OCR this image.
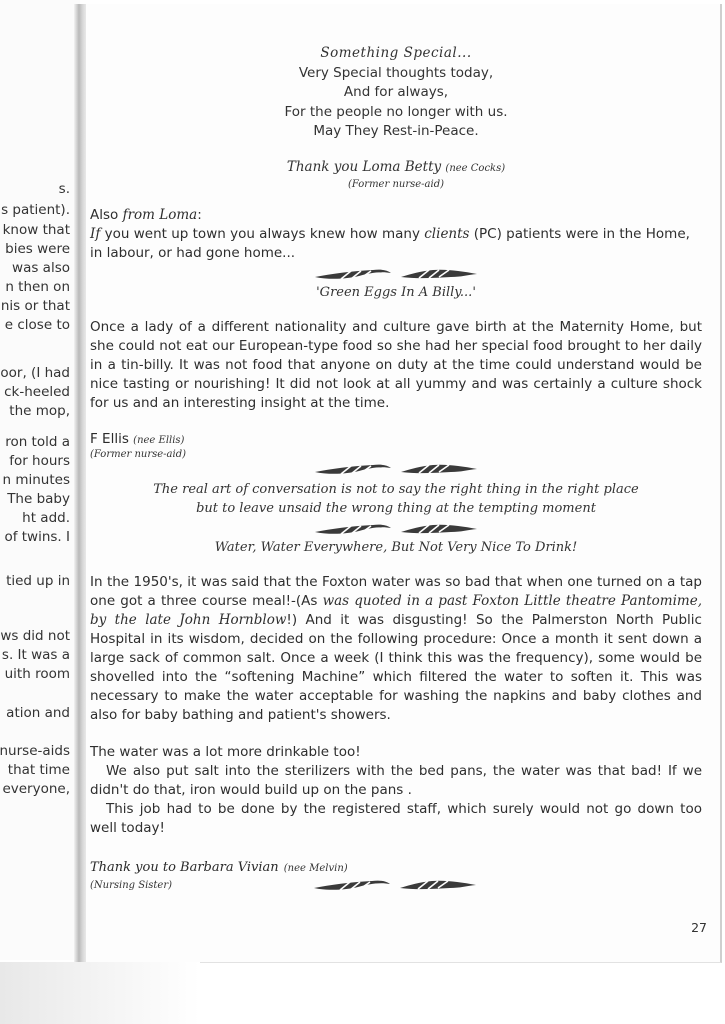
s.
s patient).
know that
bies were
was also
n then on
nis or that
e close to
oor, (I had
ck-heeled
the mop,
ron told a
for hours
n minutes
The baby
ht add.
of twins. I
tied up in
ws did not
s. It was a
uith room
ation and
nurse-aids
that time
everyone,
Something Special...
Very Special thoughts today,
And for always,
For the people no longer with us.
May They Rest-in-Peace.
Thank you Loma Betty (nee Cocks)
(Former nurse-aid)
Also from Loma:

If you went up town you always knew how many clients (PC) patients were in the Home, in labour, or had gone home...

'Green Eggs In A Billy...'

Once a lady of a different nationality and culture gave birth at the Maternity Home, but she could not eat our European-type food so she had her special food brought to her daily in a tin-billy. It was not food that anyone on duty at the time could understand would be nice tasting or nourishing! It did not look at all yummy and was certainly a culture shock for us and an interesting insight at the time.

F Ellis (nee Ellis)
(Former nurse-aid)
The real art of conversation is not to say the right thing in the right place
but to leave unsaid the wrong thing at the tempting moment
Water, Water Everywhere, But Not Very Nice To Drink!

In the 1950's, it was said that the Foxton water was so bad that when one turned on a tap one got a three course meal!-(As was quoted in a past Foxton Little theatre Pantomime, by the late John Hornblow!) And it was disgusting! So the Palmerston North Public Hospital in its wisdom, decided on the following procedure: Once a month it sent down a large sack of common salt. Once a week (I think this was the frequency), some would be shovelled into the “softening Machine” which filtered the water to soften it. This was necessary to make the water acceptable for washing the napkins and baby clothes and also for baby bathing and patient's showers.

The water was a lot more drinkable too!

We also put salt into the sterilizers with the bed pans, the water was that bad! If we didn't do that, iron would build up on the pans .

This job had to be done by the registered staff, which surely would not go down too well today!

Thank you to Barbara Vivian (nee Melvin)
(Nursing Sister)
27
